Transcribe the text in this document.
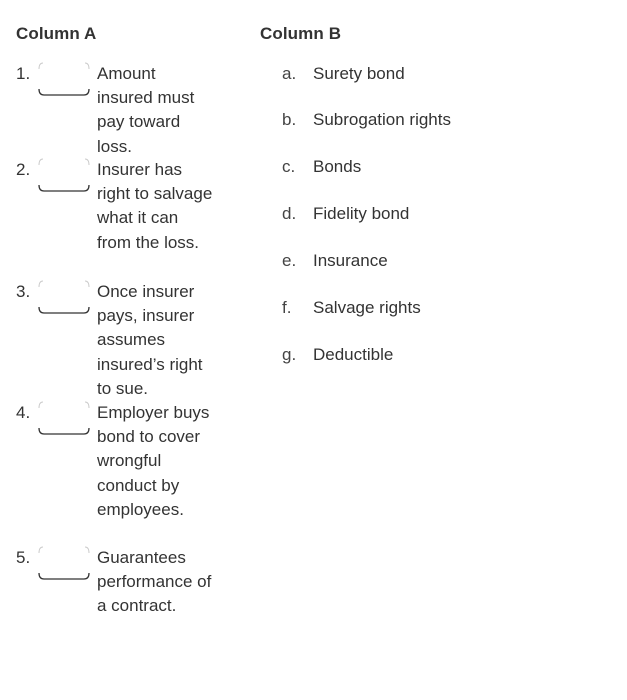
Column A	Column B
1.	Amount insured must pay toward loss.
2.	Insurer has right to salvage what it can from the loss.
3.	Once insurer pays, insurer assumes insured’s right to sue.
4.	Employer buys bond to cover wrongful conduct by employees.
5.	Guarantees performance of a contract.
a. Surety bond
b. Subrogation rights
c. Bonds
d. Fidelity bond
e. Insurance
f. Salvage rights
g. Deductible
